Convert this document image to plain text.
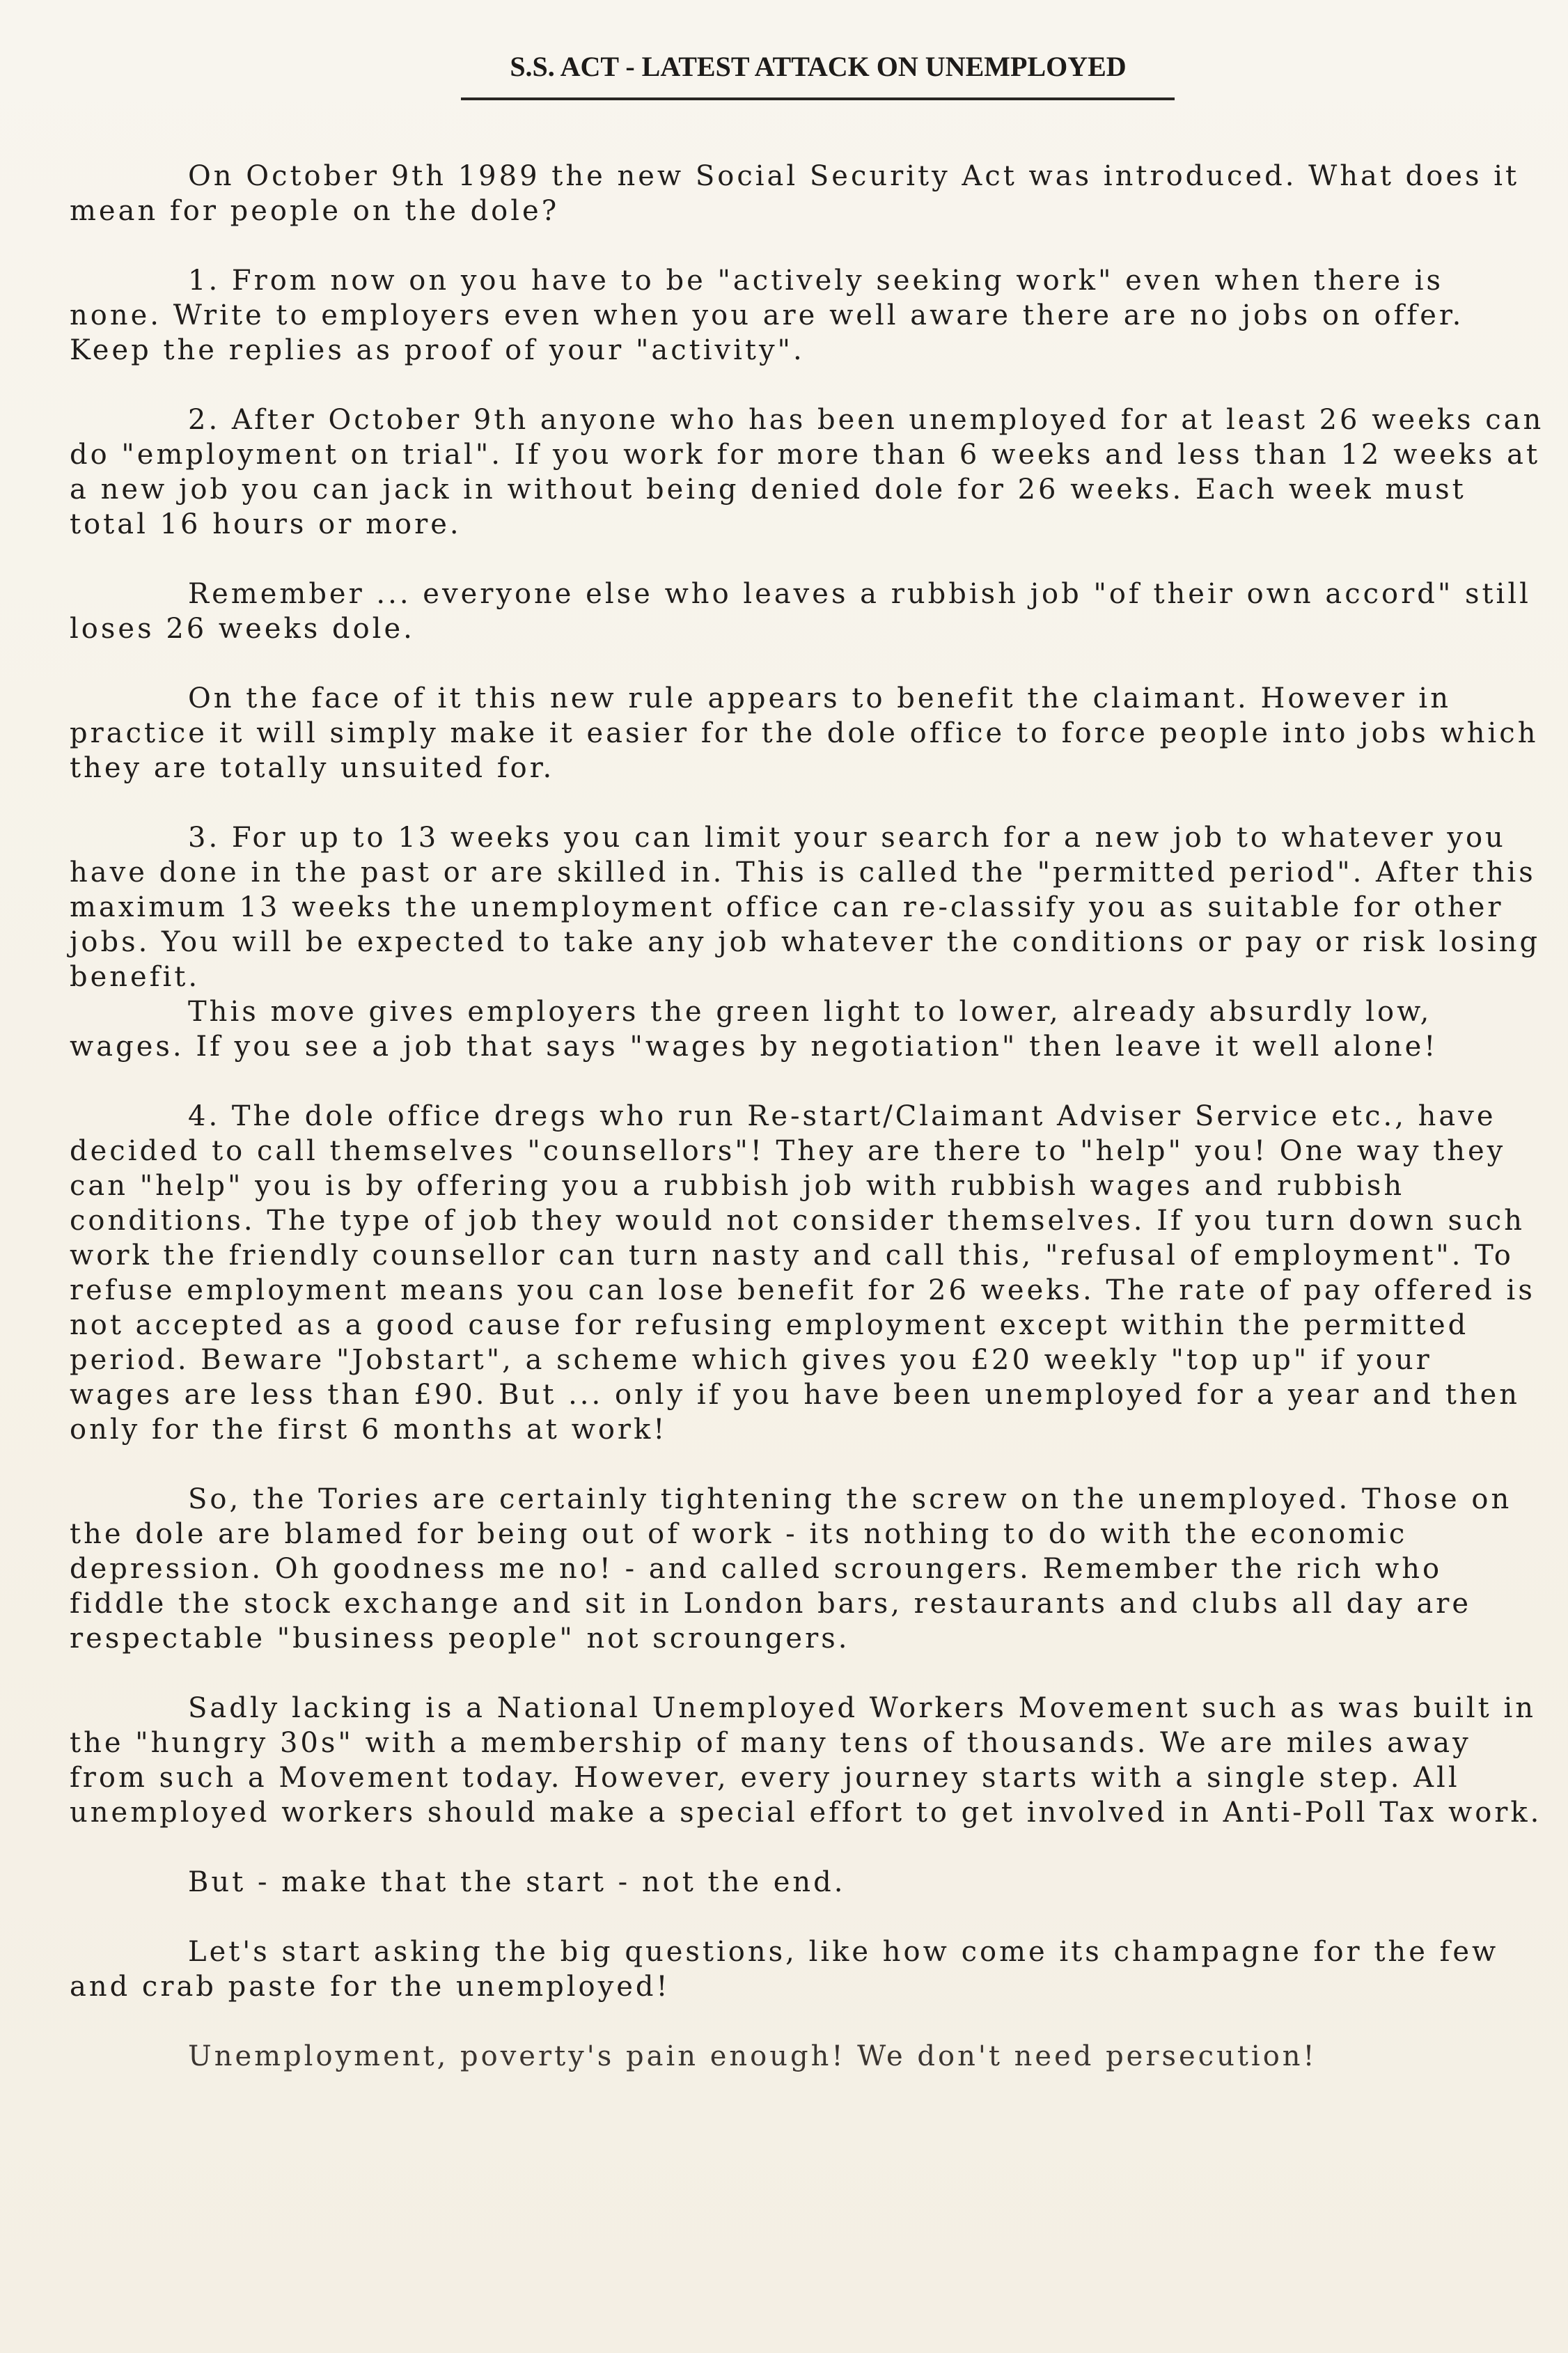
S.S. ACT - LATEST ATTACK ON UNEMPLOYED

On October 9th 1989 the new Social Security Act was introduced. What does it mean for people on the dole?

1. From now on you have to be "actively seeking work" even when there is none. Write to employers even when you are well aware there are no jobs on offer. Keep the replies as proof of your "activity".

2. After October 9th anyone who has been unemployed for at least 26 weeks can do "employment on trial". If you work for more than 6 weeks and less than 12 weeks at a new job you can jack in without being denied dole for 26 weeks. Each week must total 16 hours or more.

Remember ... everyone else who leaves a rubbish job "of their own accord" still loses 26 weeks dole.

On the face of it this new rule appears to benefit the claimant. However in practice it will simply make it easier for the dole office to force people into jobs which they are totally unsuited for.

3. For up to 13 weeks you can limit your search for a new job to whatever you have done in the past or are skilled in. This is called the "permitted period". After this maximum 13 weeks the unemployment office can re-classify you as suitable for other jobs. You will be expected to take any job whatever the conditions or pay or risk losing benefit.

This move gives employers the green light to lower, already absurdly low, wages. If you see a job that says "wages by negotiation" then leave it well alone!

4. The dole office dregs who run Re-start/Claimant Adviser Service etc., have decided to call themselves "counsellors"! They are there to "help" you! One way they can "help" you is by offering you a rubbish job with rubbish wages and rubbish conditions. The type of job they would not consider themselves. If you turn down such work the friendly counsellor can turn nasty and call this, "refusal of employment". To refuse employment means you can lose benefit for 26 weeks. The rate of pay offered is not accepted as a good cause for refusing employment except within the permitted period. Beware "Jobstart", a scheme which gives you £20 weekly "top up" if your wages are less than £90. But ... only if you have been unemployed for a year and then only for the first 6 months at work!

So, the Tories are certainly tightening the screw on the unemployed. Those on the dole are blamed for being out of work - its nothing to do with the economic depression. Oh goodness me no! - and called scroungers. Remember the rich who fiddle the stock exchange and sit in London bars, restaurants and clubs all day are respectable "business people" not scroungers.

Sadly lacking is a National Unemployed Workers Movement such as was built in the "hungry 30s" with a membership of many tens of thousands. We are miles away from such a Movement today. However, every journey starts with a single step. All unemployed workers should make a special effort to get involved in Anti-Poll Tax work.

But - make that the start - not the end.

Let's start asking the big questions, like how come its champagne for the few and crab paste for the unemployed!

Unemployment, poverty's pain enough! We don't need persecution!
